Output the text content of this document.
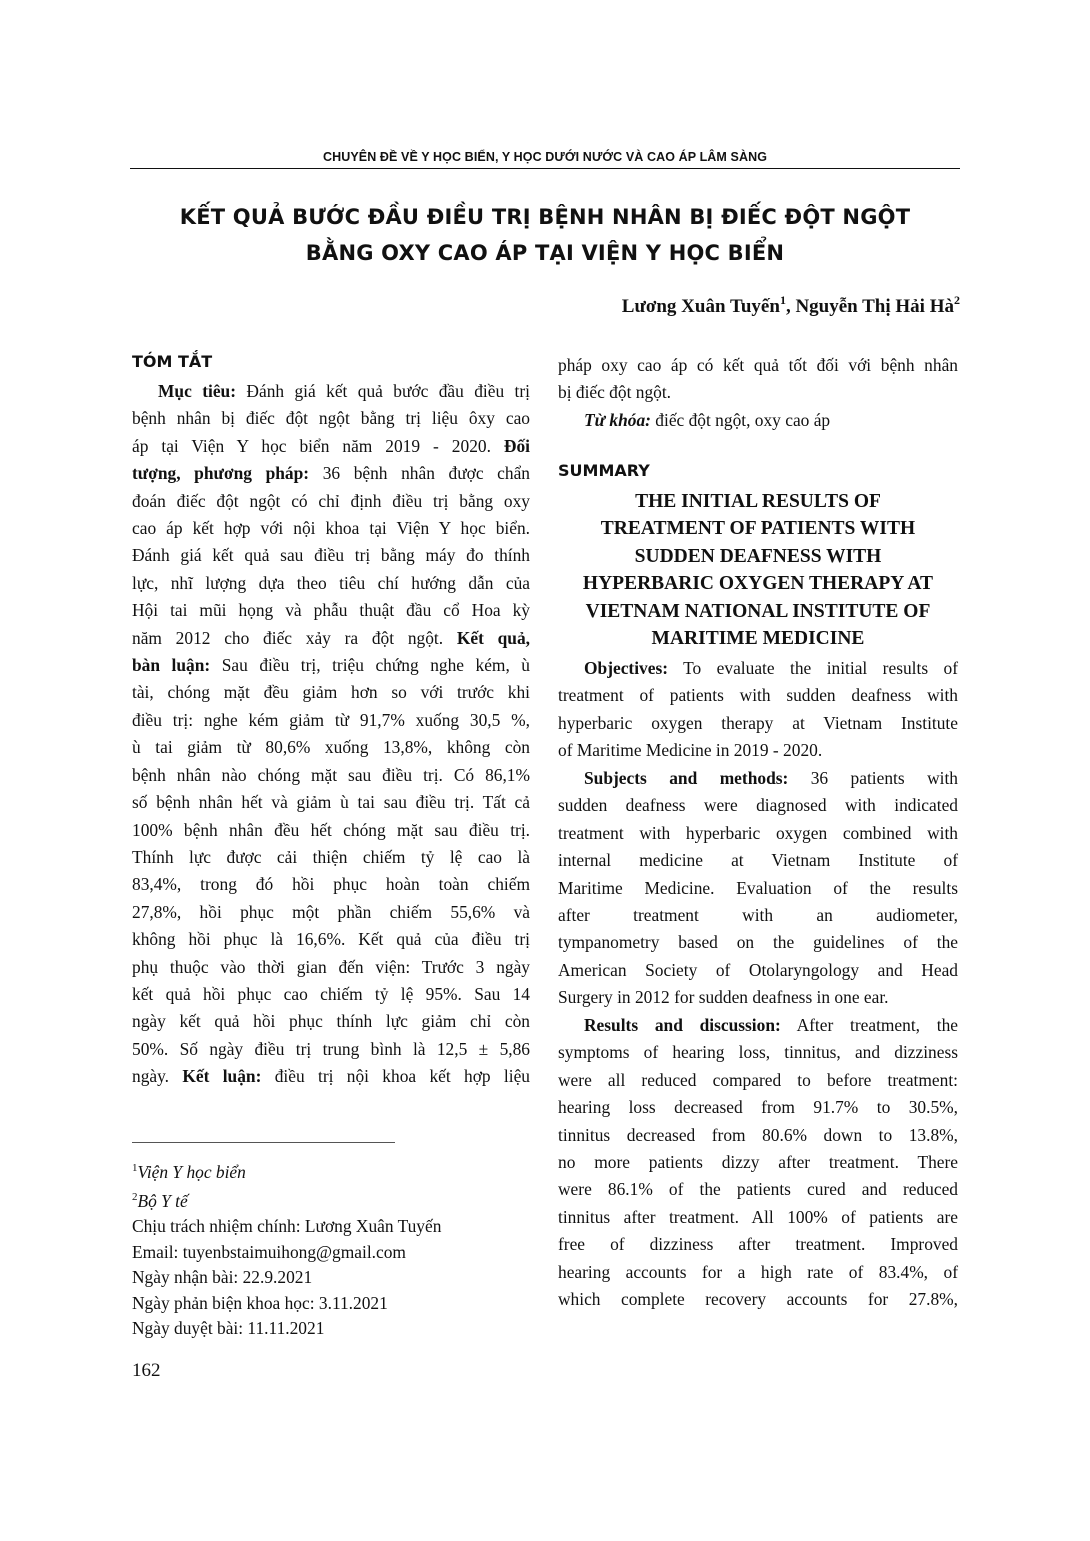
CHUYÊN ĐỀ VỀ Y HỌC BIỂN, Y HỌC DƯỚI NƯỚC VÀ CAO ÁP LÂM SÀNG
KẾT QUẢ BƯỚC ĐẦU ĐIỀU TRỊ BỆNH NHÂN BỊ ĐIẾC ĐỘT NGỘT
BẰNG OXY CAO ÁP TẠI VIỆN Y HỌC BIỂN
Lương Xuân Tuyến$^1$, Nguyễn Thị Hải $Hà^2$
TÓM TẮT
Mục tiêu: Đánh giá kết quả bước đầu điều trị
bệnh nhân bị điếc đột ngột bằng trị liệu ôxy cao
áp tại Viện Y học biển năm 2019 - 2020. Đối
tượng, phương pháp: 36 bệnh nhân được chẩn
đoán điếc đột ngột có chỉ định điều trị bằng oxy
cao áp kết hợp với nội khoa tại Viện Y học biển.
Đánh giá kết quả sau điều trị bằng máy đo thính
lực, nhĩ lượng dựa theo tiêu chí hướng dẫn của
Hội tai mũi họng và phẫu thuật đầu cổ Hoa kỳ
năm 2012 cho điếc xảy ra đột ngột. Kết quả,
bàn luận: Sau điều trị, triệu chứng nghe kém, ù
tài, chóng mặt đều giảm hơn so với trước khi
điều trị: nghe kém giảm từ 91,7% xuống 30,5 %,
ù tai giảm từ 80,6% xuống 13,8%, không còn
bệnh nhân nào chóng mặt sau điều trị. Có 86,1%
số bệnh nhân hết và giảm ù tai sau điều trị. Tất cả
100% bệnh nhân đều hết chóng mặt sau điều trị.
Thính lực được cải thiện chiếm tỷ lệ cao là
83,4%, trong đó hồi phục hoàn toàn chiếm
27,8%, hồi phục một phần chiếm 55,6% và
không hồi phục là 16,6%. Kết quả của điều trị
phụ thuộc vào thời gian đến viện: Trước 3 ngày
kết quả hồi phục cao chiếm tỷ lệ 95%. Sau 14
ngày kết quả hồi phục thính lực giảm chỉ còn
50%. Số ngày điều trị trung bình là 12,5 ± 5,86
ngày. Kết luận: điều trị nội khoa kết hợp liệu
$^1$Viện Y học biển
$^2$Bộ Y tế
Chịu trách nhiệm chính: Lương Xuân Tuyến
Email: tuyenbstaimuihong@gmail.com
Ngày nhận bài: 22.9.2021
Ngày phản biện khoa học: 3.11.2021
Ngày duyệt bài: 11.11.2021
162
pháp oxy cao áp có kết quả tốt đối với bệnh nhân
bị điếc đột ngột.
Từ khóa: điếc đột ngột, oxy cao áp
SUMMARY
THE INITIAL RESULTS OF
TREATMENT OF PATIENTS WITH
SUDDEN DEAFNESS WITH
HYPERBARIC OXYGEN THERAPY AT
VIETNAM NATIONAL INSTITUTE OF
MARITIME MEDICINE
Objectives: To evaluate the initial results of
treatment of patients with sudden deafness with
hyperbaric oxygen therapy at Vietnam Institute
of Maritime Medicine in 2019 - 2020.
Subjects and methods: 36 patients with
sudden deafness were diagnosed with indicated
treatment with hyperbaric oxygen combined with
internal medicine at Vietnam Institute of
Maritime Medicine. Evaluation of the results
after treatment with an audiometer,
tympanometry based on the guidelines of the
American Society of Otolaryngology and Head
Surgery in 2012 for sudden deafness in one ear.
Results and discussion: After treatment, the
symptoms of hearing loss, tinnitus, and dizziness
were all reduced compared to before treatment:
hearing loss decreased from 91.7% to 30.5%,
tinnitus decreased from 80.6% down to 13.8%,
no more patients dizzy after treatment. There
were 86.1% of the patients cured and reduced
tinnitus after treatment. All 100% of patients are
free of dizziness after treatment. Improved
hearing accounts for a high rate of 83.4%, of
which complete recovery accounts for 27.8%,
